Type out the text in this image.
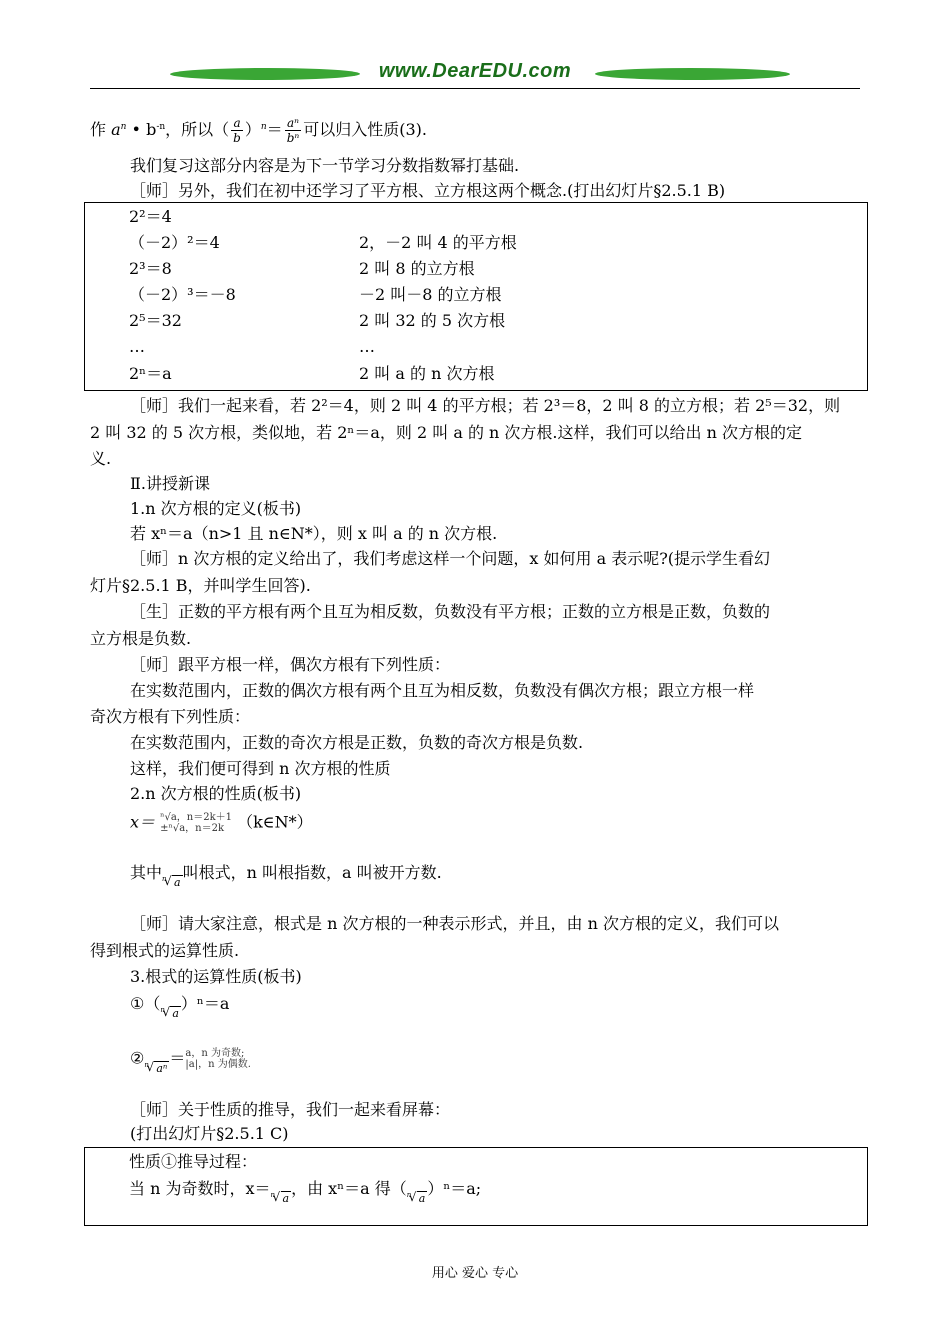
www.DearEDU.com
作 $a^n$ • $b^{-n}$，所以（ $\frac{a}{b} )^n= \frac{\text{aⁿ}}{\text{bⁿ}}$ 可以归入性质(3).
我们复习这部分内容是为下一节学习分数指数幂打基础.
［师］另外，我们在初中还学习了平方根、立方根这两个概念.(打出幻灯片§2.5.1 B)
2²＝4
（－2）²＝4	2，－2 叫 4 的平方根
2³＝8	2 叫 8 的立方根
（－2）³＝－8	－2 叫－8 的立方根
2⁵＝32	2 叫 32 的 5 次方根
…	…
2ⁿ＝a	2 叫 a 的 n 次方根
［师］我们一起来看，若 2²＝4，则 2 叫 4 的平方根；若 2³＝8，2 叫 8 的立方根；若 2⁵＝32，则
2 叫 32 的 5 次方根，类似地，若 2ⁿ＝a，则 2 叫 a 的 n 次方根.这样，我们可以给出 n 次方根的定
义.
Ⅱ.讲授新课
1.n 次方根的定义(板书)
若 xⁿ＝a（n>1 且 n∈N*），则 x 叫 a 的 n 次方根.
［师］n 次方根的定义给出了，我们考虑这样一个问题，x 如何用 a 表示呢?(提示学生看幻
灯片§2.5.1 B，并叫学生回答).
［生］正数的平方根有两个且互为相反数，负数没有平方根；正数的立方根是正数，负数的
立方根是负数.
［师］跟平方根一样，偶次方根有下列性质：
在实数范围内，正数的偶次方根有两个且互为相反数，负数没有偶次方根；跟立方根一样
奇次方根有下列性质：
在实数范围内，正数的奇次方根是正数，负数的奇次方根是负数.
这样，我们便可得到 n 次方根的性质
2.n 次方根的性质(板书)
x＝ ⁿ√a，n＝2k＋1
±ⁿ√a，n＝2k （k∈N*）
其中 n √ a叫根式，n 叫根指数，a 叫被开方数.
［师］请大家注意，根式是 n 次方根的一种表示形式，并且，由 n 次方根的定义，我们可以
得到根式的运算性质.
3.根式的运算性质(板书)
①（ n √ a）ⁿ＝a
② n √ aⁿ＝ a，n 为奇数;
|a|，n 为偶数.
［师］关于性质的推导，我们一起来看屏幕：
(打出幻灯片§2.5.1 C)
性质①推导过程：
当 n 为奇数时，x＝ n √ a，由 xⁿ＝a 得（ n √ a）ⁿ＝a;
用心 爱心 专心
